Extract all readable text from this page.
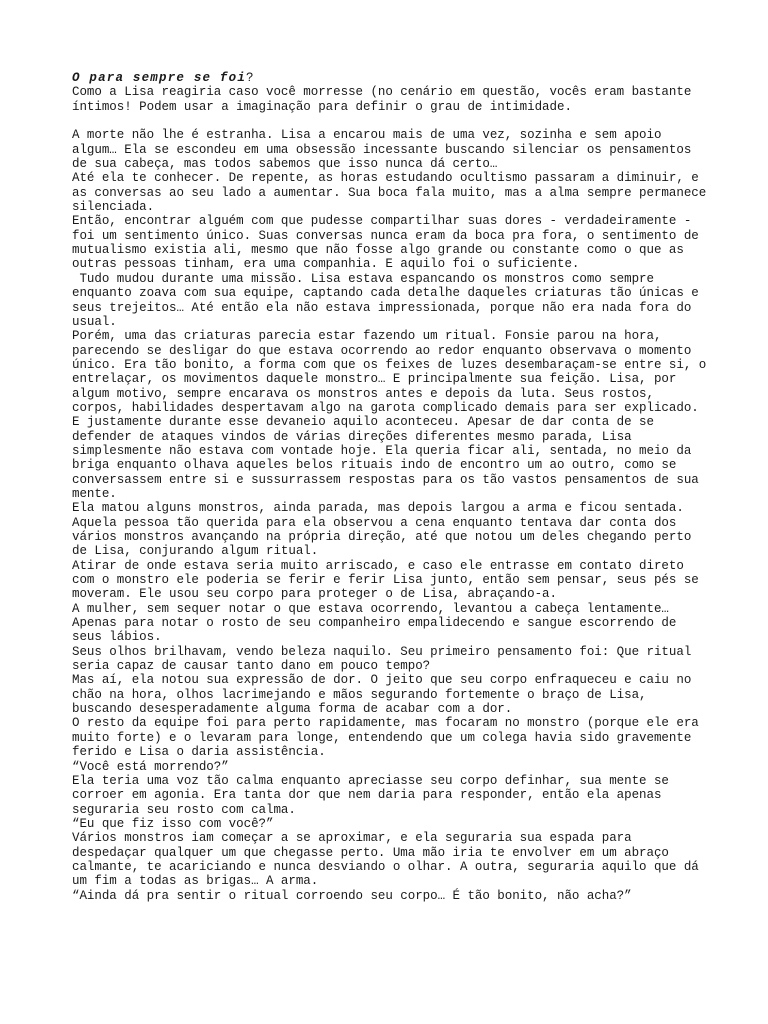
O para sempre se foi?

Como a Lisa reagiria caso você morresse (no cenário em questão, vocês eram bastante íntimos! Podem usar a imaginação para definir o grau de intimidade.

A morte não lhe é estranha. Lisa a encarou mais de uma vez, sozinha e sem apoio algum… Ela se escondeu em uma obsessão incessante buscando silenciar os pensamentos de sua cabeça, mas todos sabemos que isso nunca dá certo…

Até ela te conhecer. De repente, as horas estudando ocultismo passaram a diminuir, e as conversas ao seu lado a aumentar. Sua boca fala muito, mas a alma sempre permanece silenciada.

Então, encontrar alguém com que pudesse compartilhar suas dores - verdadeiramente - foi um sentimento único. Suas conversas nunca eram da boca pra fora, o sentimento de mutualismo existia ali, mesmo que não fosse algo grande ou constante como o que as outras pessoas tinham, era uma companhia. E aquilo foi o suficiente.

Tudo mudou durante uma missão. Lisa estava espancando os monstros como sempre enquanto zoava com sua equipe, captando cada detalhe daqueles criaturas tão únicas e seus trejeitos… Até então ela não estava impressionada, porque não era nada fora do usual.

Porém, uma das criaturas parecia estar fazendo um ritual. Fonsie parou na hora, parecendo se desligar do que estava ocorrendo ao redor enquanto observava o momento único. Era tão bonito, a forma com que os feixes de luzes desembaraçam-se entre si, o entrelaçar, os movimentos daquele monstro… E principalmente sua feição. Lisa, por algum motivo, sempre encarava os monstros antes e depois da luta. Seus rostos, corpos, habilidades despertavam algo na garota complicado demais para ser explicado.

E justamente durante esse devaneio aquilo aconteceu. Apesar de dar conta de se defender de ataques vindos de várias direções diferentes mesmo parada, Lisa simplesmente não estava com vontade hoje. Ela queria ficar ali, sentada, no meio da briga enquanto olhava aqueles belos rituais indo de encontro um ao outro, como se conversassem entre si e sussurrassem respostas para os tão vastos pensamentos de sua mente.

Ela matou alguns monstros, ainda parada, mas depois largou a arma e ficou sentada.

Aquela pessoa tão querida para ela observou a cena enquanto tentava dar conta dos vários monstros avançando na própria direção, até que notou um deles chegando perto de Lisa, conjurando algum ritual.

Atirar de onde estava seria muito arriscado, e caso ele entrasse em contato direto com o monstro ele poderia se ferir e ferir Lisa junto, então sem pensar, seus pés se moveram. Ele usou seu corpo para proteger o de Lisa, abraçando-a.

A mulher, sem sequer notar o que estava ocorrendo, levantou a cabeça lentamente… Apenas para notar o rosto de seu companheiro empalidecendo e sangue escorrendo de seus lábios.

Seus olhos brilhavam, vendo beleza naquilo. Seu primeiro pensamento foi: Que ritual seria capaz de causar tanto dano em pouco tempo?

Mas aí, ela notou sua expressão de dor. O jeito que seu corpo enfraqueceu e caiu no chão na hora, olhos lacrimejando e mãos segurando fortemente o braço de Lisa, buscando desesperadamente alguma forma de acabar com a dor.

O resto da equipe foi para perto rapidamente, mas focaram no monstro (porque ele era muito forte) e o levaram para longe, entendendo que um colega havia sido gravemente ferido e Lisa o daria assistência.

“Você está morrendo?”

Ela teria uma voz tão calma enquanto apreciasse seu corpo definhar, sua mente se corroer em agonia. Era tanta dor que nem daria para responder, então ela apenas seguraria seu rosto com calma.

“Eu que fiz isso com você?”

Vários monstros iam começar a se aproximar, e ela seguraria sua espada para despedaçar qualquer um que chegasse perto. Uma mão iria te envolver em um abraço calmante, te acariciando e nunca desviando o olhar. A outra, seguraria aquilo que dá um fim a todas as brigas… A arma.

“Ainda dá pra sentir o ritual corroendo seu corpo… É tão bonito, não acha?”
